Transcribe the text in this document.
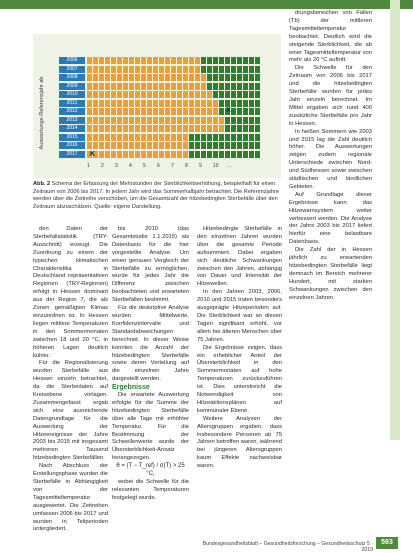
Auswertungs-Referenzjahr ab
2006
2007
2008
2009
2010
2011
2012
2013
2014
2015
2016
2017
X
K
1 2 3 4 5 6 7 8 9 10 …
Abb. 2 Schema der Erfassung der Mehrstunden der Sterblichkeitserhöhung, beispielhaft für einen Zeitraum von 2006 bis 2017. In jedem Jahr wird das Sommerhalbjahr betrachtet. Die Referenzjahre werden über die Zeitreihe verschoben, um die Gesamtzahl der hitzebedingten Sterbefälle über den Zeitraum abzuschätzen. Quelle: eigene Darstellung.

den Daten der Sterbefallstatistik (TRY-Ausschnitt) erzeugt. Die Zuordnung zu einem der typischen klimatischen Charakteristika in Deutschland repräsentativen Regionen (TRY-Regionen) erfolgt in Hessen dominant aus der Region 7, die als Zonen gemäßigten Klimas einzuordnen ist. In Hessen liegen mittlere Temperaturen in den Sommermonaten zwischen 18 und 20 °C, in höheren Lagen deutlich kühler.

Für die Regionalisierung wurden Sterbefälle aus Hessen einzeln betrachtet, da die Sterbedaten auf Kreisebene vorlagen. Zusammengefasst ergab sich eine ausreichende Datengrundlage für die Auswertung der Hitzeereignisse der Jahre 2003 bis 2015 mit insgesamt mehreren Tausend hitzebedingten Sterbefällen.

Nach Abschluss der Erstellungsphase wurden die Sterbefälle in Abhängigkeit von der Tagesmitteltemperatur ausgewertet. Die Zeitreihen umfassen 2006 bis 2017 und wurden in Teilperioden untergliedert.

bis 2010 (das Gesamtstudie 1.1.2015) als Datenbasis für die hier vorgestellte Analyse. Um einen genauen Vergleich der Sterbefälle zu ermöglichen, wurde für jedes Jahr die Differenz zwischen beobachteten und erwarteten Sterbefällen bestimmt.

Für die deskriptive Analyse wurden Mittelwerte, Konfidenzintervalle und Standardabweichungen berechnet. In dieser Weise konnten die Anzahl der hitzebedingten Sterbefälle sowie deren Verteilung auf die einzelnen Jahre dargestellt werden.

Ergebnisse

Die erwartete Auswertung erfolgte für die Summe der hitzebedingten Sterbefälle über alle Tage mit erhöhter Temperatur. Für die Bestimmung der Schwellenwerte wurde der Übersterblichkeit-Ansatz herangezogen.

θ = (T − T_ref) / σ(T) > 25 °C,

wobei die Schwelle für die relevanten Temperaturen festgelegt wurde.

Hitzebedingte Sterbefälle in den einzelnen Jahren wurden über die gesamte Periode aufsummiert. Dabei ergaben sich deutliche Schwankungen zwischen den Jahren, abhängig von Dauer und Intensität der Hitzewellen.

In den Jahren 2003, 2006, 2010 und 2015 traten besonders ausgeprägte Hitzeperioden auf. Die Sterblichkeit war an diesen Tagen signifikant erhöht, vor allem bei älteren Menschen über 75 Jahren.

Die Ergebnisse zeigen, dass ein erheblicher Anteil der Übersterblichkeit in den Sommermonaten auf hohe Temperaturen zurückzuführen ist. Dies unterstreicht die Notwendigkeit von Hitzeaktionsplänen auf kommunaler Ebene.

Weitere Analysen der Altersgruppen ergaben, dass insbesondere Personen ab 75 Jahren betroffen waren, während bei jüngeren Altersgruppen kaum Effekte nachweisbar waren.

drungsbereichen von Fällen (Tb) der mittleren Tagesmitteltemperatur beobachtet. Deutlich wird die steigende Sterblichkeit, die ab einer Tagesmitteltemperatur von mehr als 20 °C auftritt.

Die Schwelle für den Zeitraum von 2006 bis 2017 und die hitzebedingten Sterbefälle wurden für jedes Jahr einzeln berechnet. Im Mittel ergaben sich rund 400 zusätzliche Sterbefälle pro Jahr in Hessen.

In heißen Sommern wie 2003 und 2015 lag die Zahl deutlich höher. Die Auswertungen zeigen zudem regionale Unterschiede zwischen Nord- und Südhessen sowie zwischen städtischen und ländlichen Gebieten.

Auf Grundlage dieser Ergebnisse kann das Hitzewarnsystem weiter verbessert werden. Die Analyse der Jahre 2003 bis 2017 liefert hierfür eine belastbare Datenbasis.

Die Zahl der in Hessen jährlich zu erwartenden hitzebedingten Sterbefälle liegt demnach im Bereich mehrerer Hundert, mit starken Schwankungen zwischen den einzelnen Jahren.

Bundesgesundheitsblatt – Gesundheitsforschung – Gesundheitsschutz 5 · 2019
593
